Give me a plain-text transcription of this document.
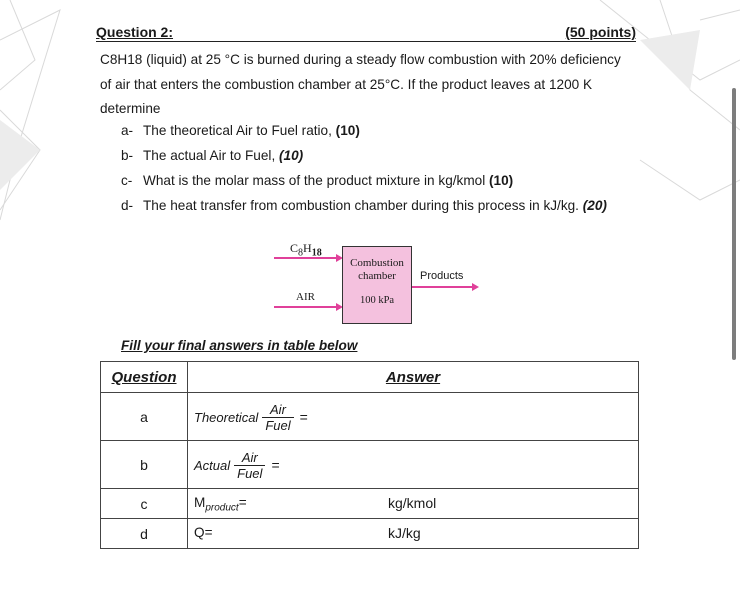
Question 2:	(50 points)
C8H18 (liquid) at 25 °C is burned during a steady flow combustion with 20% deficiency
of air that enters the combustion chamber at 25°C. If the product leaves at 1200 K
determine
a- The theoretical Air to Fuel ratio, (10)
b- The actual Air to Fuel, (10)
c- What is the molar mass of the product mixture in kg/kmol (10)
d- The heat transfer from combustion chamber during this process in kJ/kg. (20)
$C_8H_{18}$
AIR
Combustion
chamber
100 kPa
Products
Fill your final answers in table below
Question	Answer
a	Theoretical $\frac{\text{Air}}{\text{Fuel}}$ =

b	Actual $\frac{\text{Air}}{\text{Fuel}}$ =

c	$M_{product}=$ kg/kmol

d	Q= kJ/kg
